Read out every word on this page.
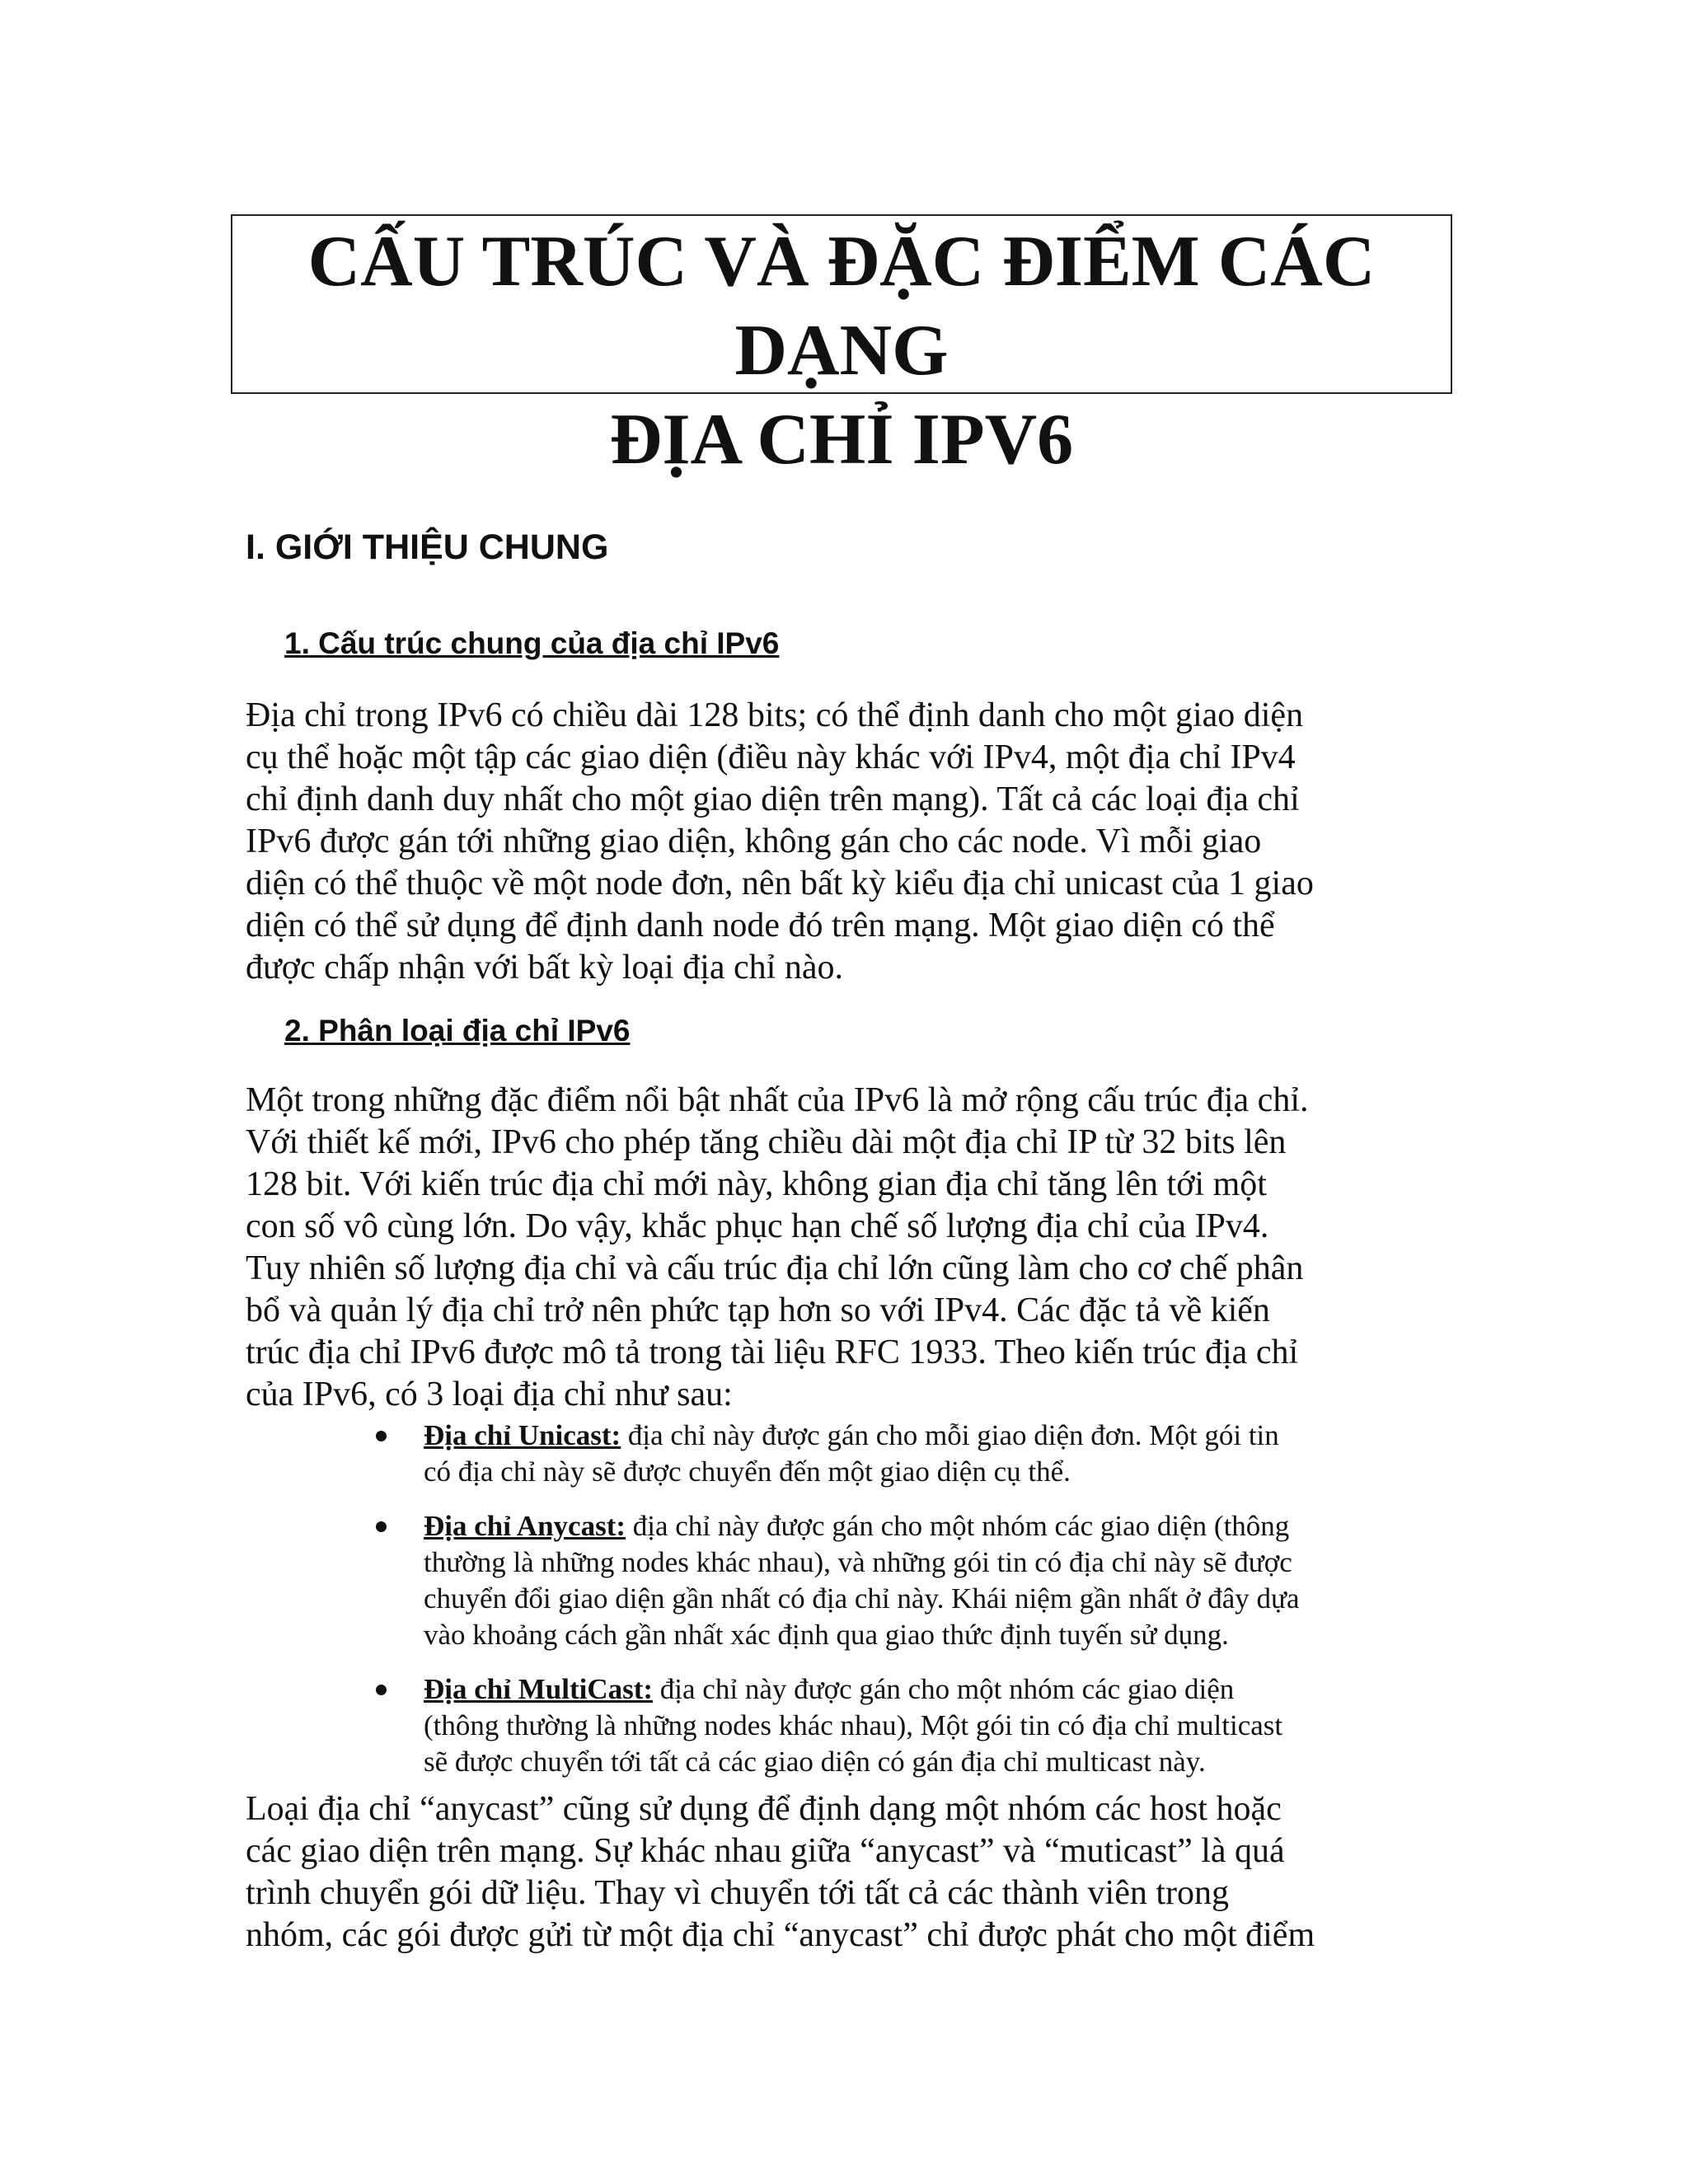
CẤU TRÚC VÀ ĐẶC ĐIỂM CÁC DẠNG
ĐỊA CHỈ IPV6
I. GIỚI THIỆU CHUNG
1. Cấu trúc chung của địa chỉ IPv6

Địa chỉ trong IPv6 có chiều dài 128 bits; có thể định danh cho một giao diện
cụ thể hoặc một tập các giao diện (điều này khác với IPv4, một địa chỉ IPv4
chỉ định danh duy nhất cho một giao diện trên mạng). Tất cả các loại địa chỉ
IPv6 được gán tới những giao diện, không gán cho các node. Vì mỗi giao
diện có thể thuộc về một node đơn, nên bất kỳ kiểu địa chỉ unicast của 1 giao
diện có thể sử dụng để định danh node đó trên mạng. Một giao diện có thể
được chấp nhận với bất kỳ loại địa chỉ nào.

2. Phân loại địa chỉ IPv6

Một trong những đặc điểm nổi bật nhất của IPv6 là mở rộng cấu trúc địa chỉ.
Với thiết kế mới, IPv6 cho phép tăng chiều dài một địa chỉ IP từ 32 bits lên
128 bit. Với kiến trúc địa chỉ mới này, không gian địa chỉ tăng lên tới một
con số vô cùng lớn. Do vậy, khắc phục hạn chế số lượng địa chỉ của IPv4.
Tuy nhiên số lượng địa chỉ và cấu trúc địa chỉ lớn cũng làm cho cơ chế phân
bổ và quản lý địa chỉ trở nên phức tạp hơn so với IPv4. Các đặc tả về kiến
trúc địa chỉ IPv6 được mô tả trong tài liệu RFC 1933. Theo kiến trúc địa chỉ
của IPv6, có 3 loại địa chỉ như sau:

Địa chỉ Unicast: địa chỉ này được gán cho mỗi giao diện đơn. Một gói tin
có địa chỉ này sẽ được chuyển đến một giao diện cụ thể.
Địa chỉ Anycast: địa chỉ này được gán cho một nhóm các giao diện (thông
thường là những nodes khác nhau), và những gói tin có địa chỉ này sẽ được
chuyển đổi giao diện gần nhất có địa chỉ này. Khái niệm gần nhất ở đây dựa
vào khoảng cách gần nhất xác định qua giao thức định tuyến sử dụng.
Địa chỉ MultiCast: địa chỉ này được gán cho một nhóm các giao diện
(thông thường là những nodes khác nhau), Một gói tin có địa chỉ multicast
sẽ được chuyển tới tất cả các giao diện có gán địa chỉ multicast này.

Loại địa chỉ “anycast” cũng sử dụng để định dạng một nhóm các host hoặc
các giao diện trên mạng. Sự khác nhau giữa “anycast” và “muticast” là quá
trình chuyển gói dữ liệu. Thay vì chuyển tới tất cả các thành viên trong
nhóm, các gói được gửi từ một địa chỉ “anycast” chỉ được phát cho một điểm
